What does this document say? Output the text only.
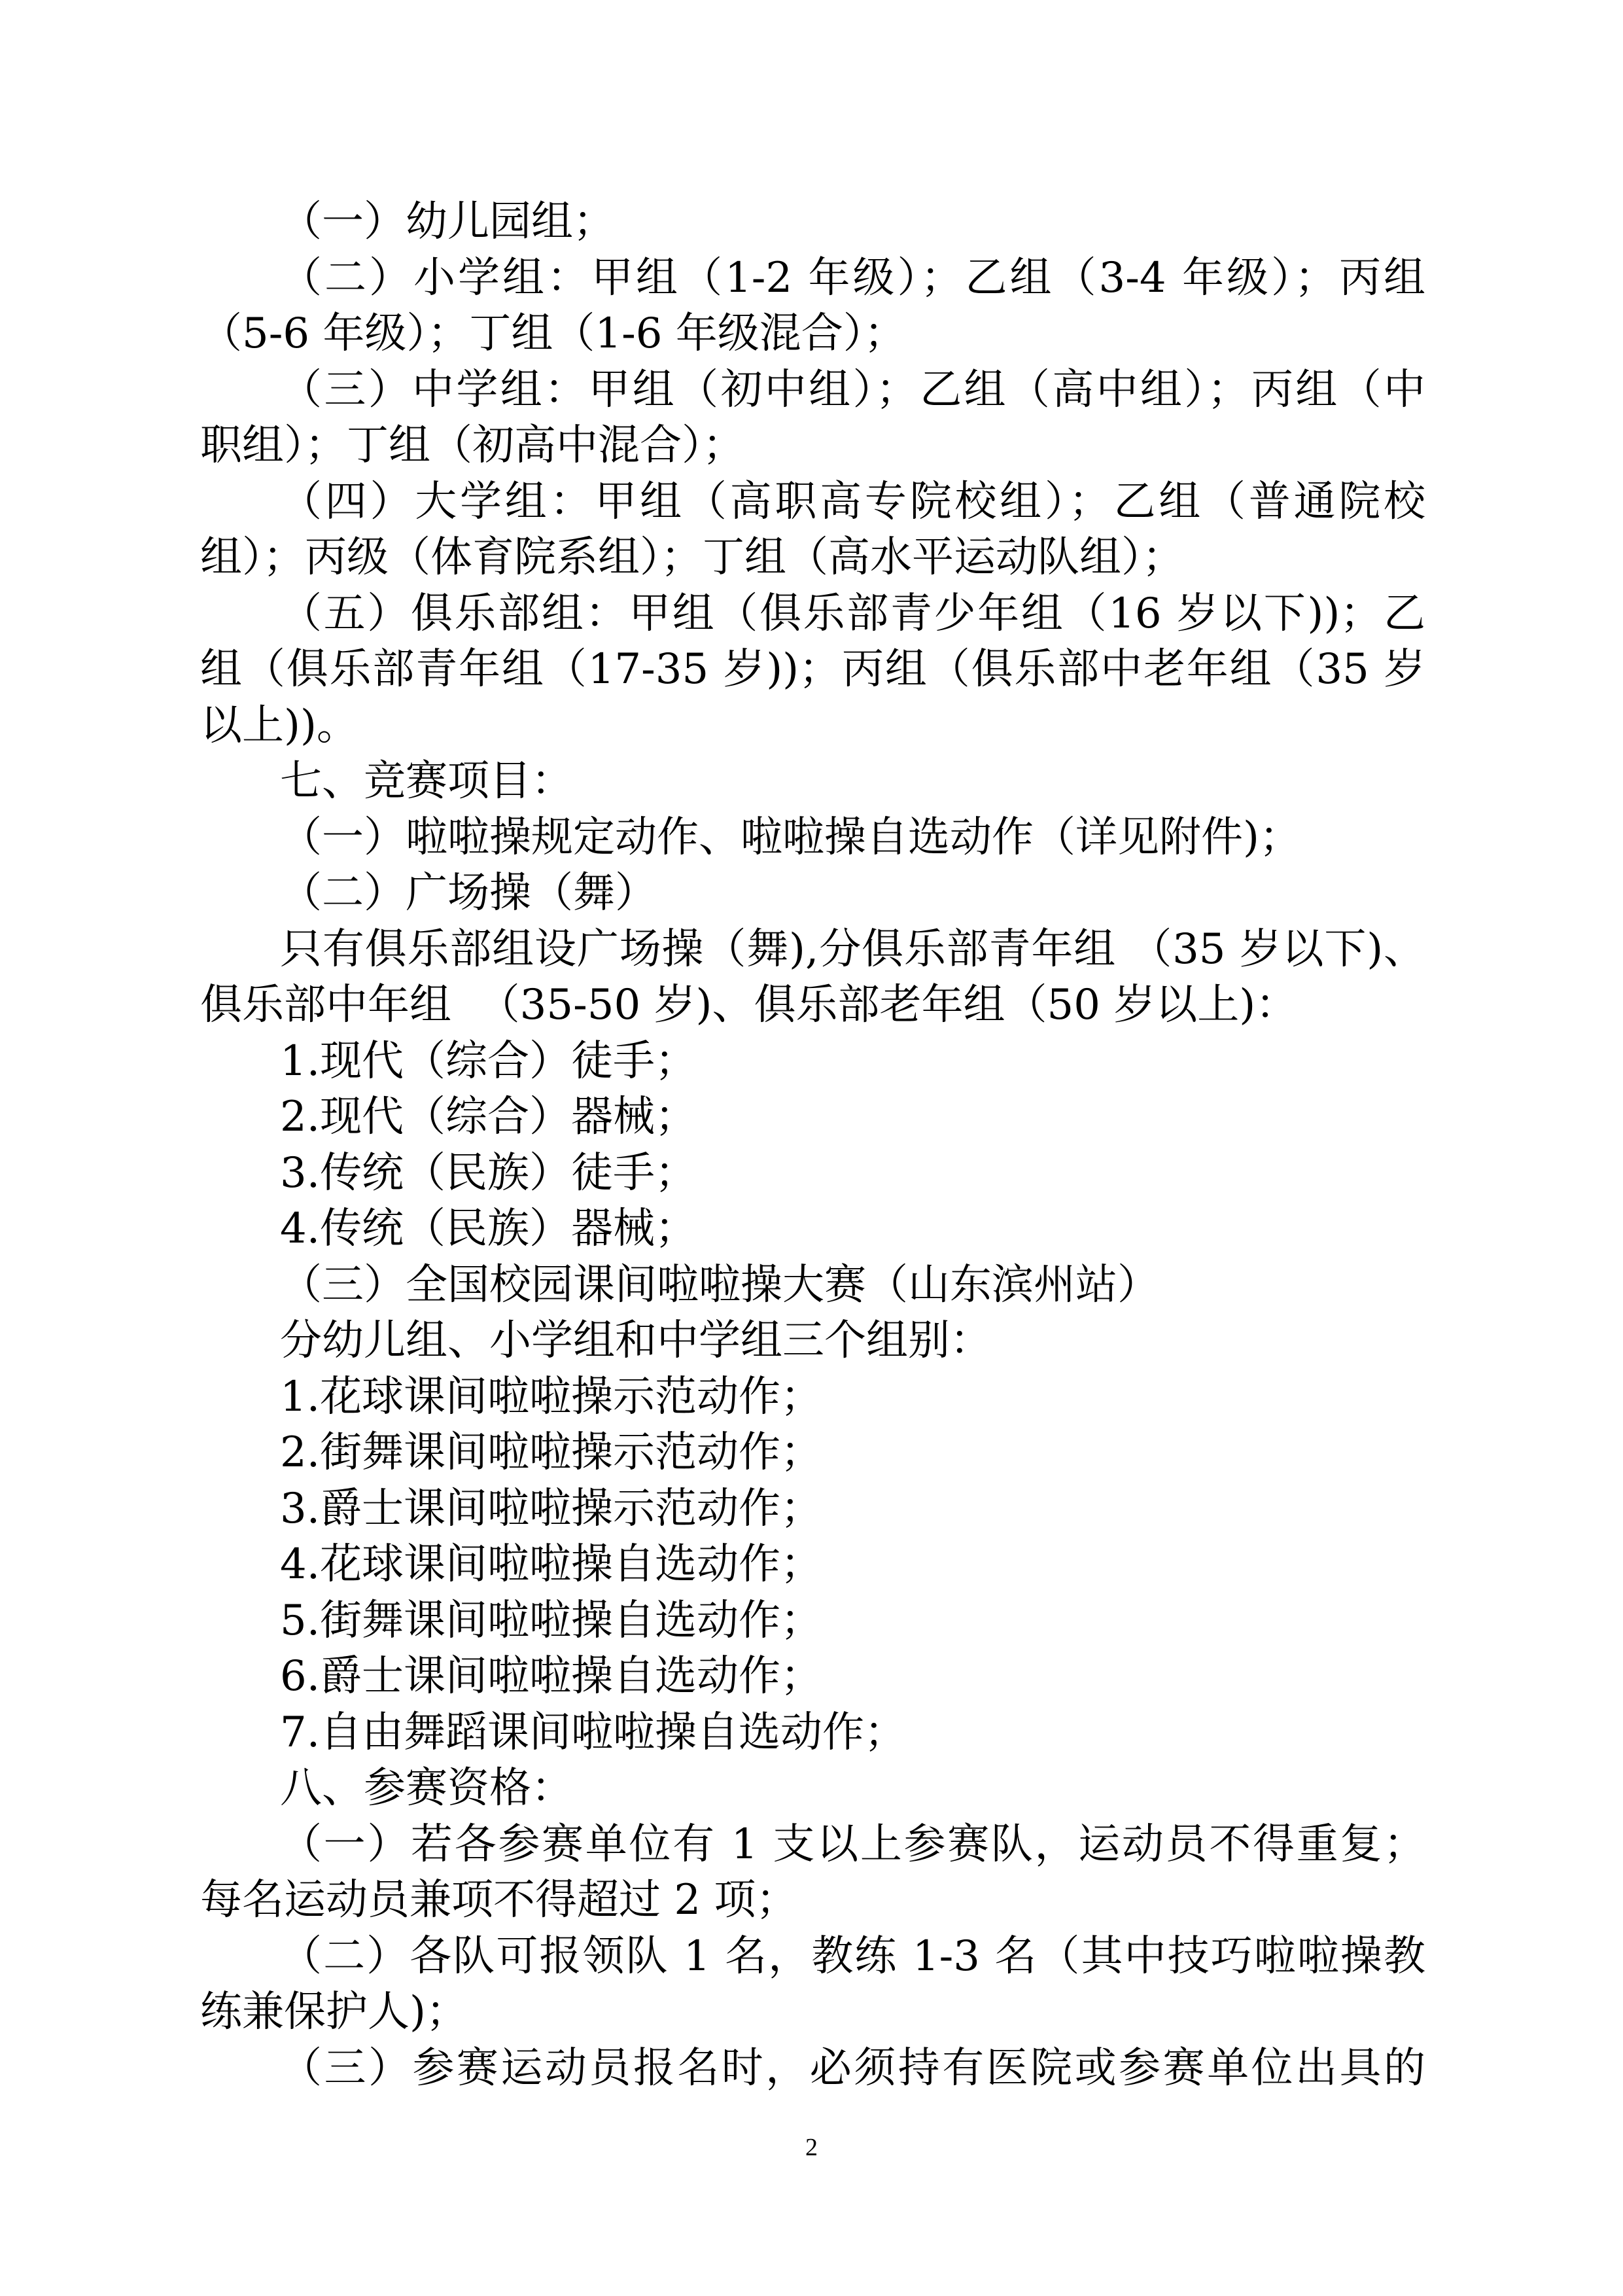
（一）幼儿园组；
（二）小学组：甲组（1-2 年级）；乙组（3-4 年级）；丙组
（5-6 年级）；丁组（1-6 年级混合）；
（三）中学组：甲组（初中组）；乙组（高中组）；丙组（中
职组）；丁组（初高中混合）；
（四）大学组：甲组（高职高专院校组）；乙组（普通院校
组）；丙级（体育院系组）；丁组（高水平运动队组）；
（五）俱乐部组：甲组（俱乐部青少年组（16 岁以下))；乙
组（俱乐部青年组（17-35 岁))；丙组（俱乐部中老年组（35 岁
以上))。
七、竞赛项目：
（一）啦啦操规定动作、啦啦操自选动作（详见附件)；
（二）广场操（舞）
只有俱乐部组设广场操（舞),分俱乐部青年组 （35 岁以下)、
俱乐部中年组  （35-50 岁)、俱乐部老年组（50 岁以上)：
1.现代（综合）徒手；
2.现代（综合）器械；
3.传统（民族）徒手；
4.传统（民族）器械；
（三）全国校园课间啦啦操大赛（山东滨州站）
分幼儿组、小学组和中学组三个组别：
1.花球课间啦啦操示范动作；
2.街舞课间啦啦操示范动作；
3.爵士课间啦啦操示范动作；
4.花球课间啦啦操自选动作；
5.街舞课间啦啦操自选动作；
6.爵士课间啦啦操自选动作；
7.自由舞蹈课间啦啦操自选动作；
八、参赛资格：
（一）若各参赛单位有 1 支以上参赛队，运动员不得重复；
每名运动员兼项不得超过 2 项；
（二）各队可报领队 1 名，教练 1-3 名（其中技巧啦啦操教
练兼保护人)；
（三）参赛运动员报名时，必须持有医院或参赛单位出具的
2
